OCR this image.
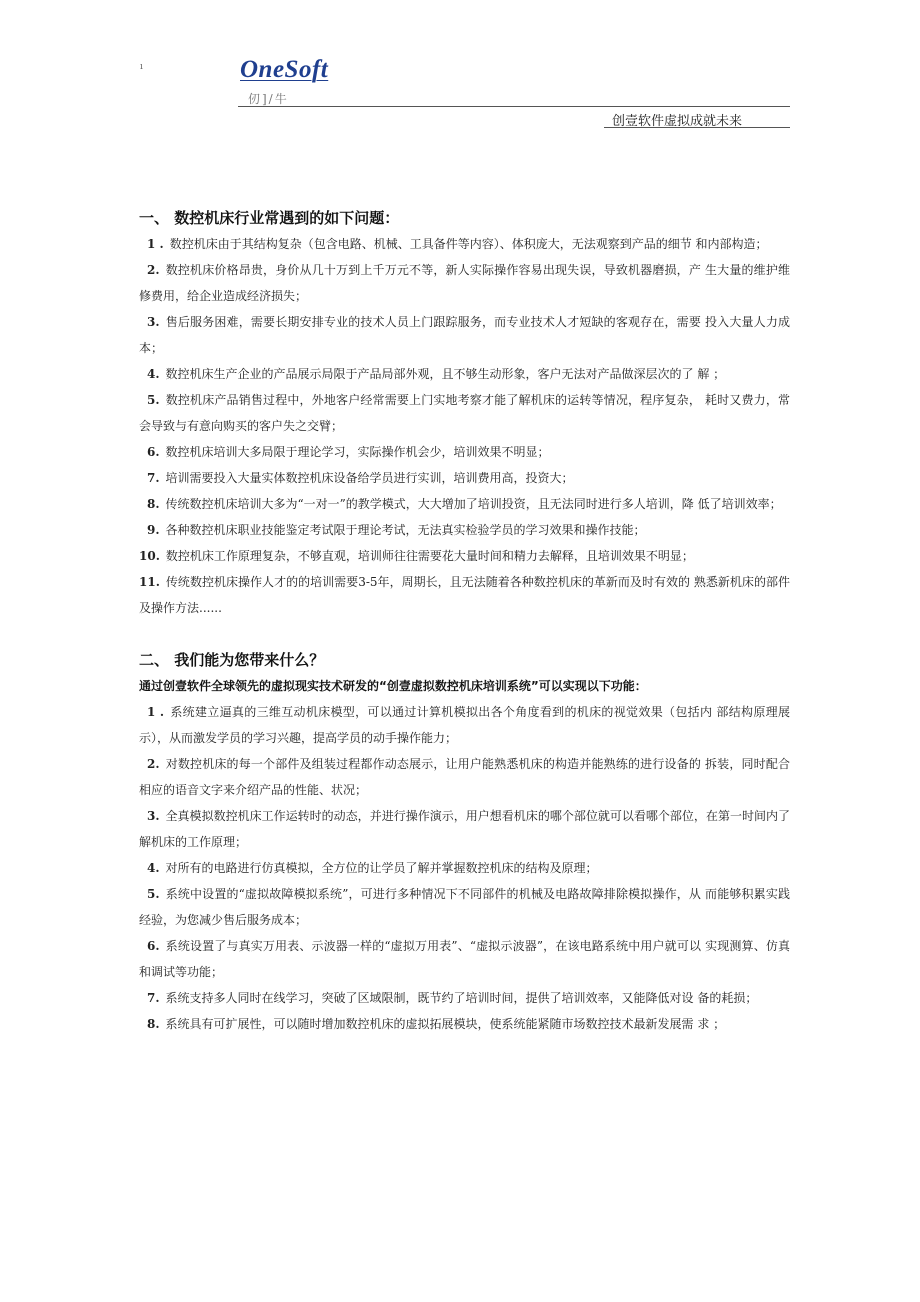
ı	OneSoft
仞]/牛
创壹软件虚拟成就未来
一、 数控机床行业常遇到的如下问题：
1 . 数控机床由于其结构复杂（包含电路、机械、工具备件等内容）、体积庞大，无法观察到产品的细节 和内部构造；
2. 数控机床价格昂贵，身价从几十万到上千万元不等，新人实际操作容易出现失误，导致机器磨损，产 生大量的维护维修费用，给企业造成经济损失；
3. 售后服务困难，需要长期安排专业的技术人员上门跟踪服务，而专业技术人才短缺的客观存在，需要 投入大量人力成本；
4. 数控机床生产企业的产品展示局限于产品局部外观，且不够生动形象，客户无法对产品做深层次的了 解 ；
5. 数控机床产品销售过程中，外地客户经常需要上门实地考察才能了解机床的运转等情况，程序复杂， 耗时又费力，常会导致与有意向购买的客户失之交臂；
6. 数控机床培训大多局限于理论学习，实际操作机会少，培训效果不明显；
7. 培训需要投入大量实体数控机床设备给学员进行实训，培训费用高，投资大；
8. 传统数控机床培训大多为“一对一”的教学模式，大大增加了培训投资，且无法同时进行多人培训，降 低了培训效率；
9. 各种数控机床职业技能鉴定考试限于理论考试，无法真实检验学员的学习效果和操作技能；
10. 数控机床工作原理复杂，不够直观，培训师往往需要花大量时间和精力去解释，且培训效果不明显；
11. 传统数控机床操作人才的的培训需要3-5年，周期长，且无法随着各种数控机床的革新而及时有效的 熟悉新机床的部件及操作方法......
二、 我们能为您带来什么？

通过创壹软件全球领先的虚拟现实技术研发的“创壹虚拟数控机床培训系统”可以实现以下功能：

1 . 系统建立逼真的三维互动机床模型，可以通过计算机模拟出各个角度看到的机床的视觉效果（包括内 部结构原理展示），从而激发学员的学习兴趣，提高学员的动手操作能力；
2. 对数控机床的每一个部件及组装过程都作动态展示，让用户能熟悉机床的构造并能熟练的进行设备的 拆装，同时配合相应的语音文字来介绍产品的性能、状况；
3. 全真模拟数控机床工作运转时的动态，并进行操作演示，用户想看机床的哪个部位就可以看哪个部位，在第一时间内了解机床的工作原理；
4. 对所有的电路进行仿真模拟，全方位的让学员了解并掌握数控机床的结构及原理；
5. 系统中设置的“虚拟故障模拟系统”，可进行多种情况下不同部件的机械及电路故障排除模拟操作，从 而能够积累实践经验，为您减少售后服务成本；
6. 系统设置了与真实万用表、示波器一样的“虚拟万用表”、“虚拟示波器”，在该电路系统中用户就可以 实现测算、仿真和调试等功能；
7. 系统支持多人同时在线学习，突破了区域限制，既节约了培训时间，提供了培训效率，又能降低对设 备的耗损；
8. 系统具有可扩展性，可以随时增加数控机床的虚拟拓展模块，使系统能紧随市场数控技术最新发展需 求 ；
